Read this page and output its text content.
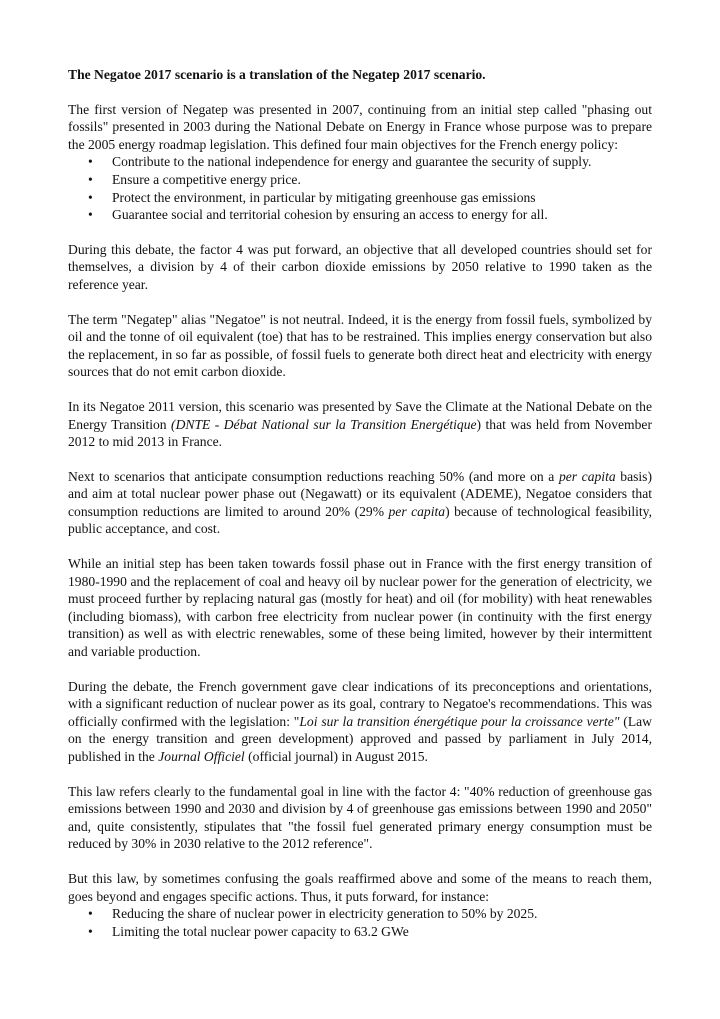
The Negatoe 2017 scenario is a translation of the Negatep 2017 scenario.

The first version of Negatep was presented in 2007, continuing from an initial step called "phasing out fossils" presented in 2003 during the National Debate on Energy in France whose purpose was to prepare the 2005 energy roadmap legislation. This defined four main objectives for the French energy policy:

• Contribute to the national independence for energy and guarantee the security of supply.
• Ensure a competitive energy price.
• Protect the environment, in particular by mitigating greenhouse gas emissions
• Guarantee social and territorial cohesion by ensuring an access to energy for all.

During this debate, the factor 4 was put forward, an objective that all developed countries should set for themselves, a division by 4 of their carbon dioxide emissions by 2050 relative to 1990 taken as the reference year.

The term "Negatep" alias "Negatoe" is not neutral. Indeed, it is the energy from fossil fuels, symbolized by oil and the tonne of oil equivalent (toe) that has to be restrained. This implies energy conservation but also the replacement, in so far as possible, of fossil fuels to generate both direct heat and electricity with energy sources that do not emit carbon dioxide.

In its Negatoe 2011 version, this scenario was presented by Save the Climate at the National Debate on the Energy Transition (DNTE - Débat National sur la Transition Energétique) that was held from November 2012 to mid 2013 in France.

Next to scenarios that anticipate consumption reductions reaching 50% (and more on a per capita basis) and aim at total nuclear power phase out (Negawatt) or its equivalent (ADEME), Negatoe considers that consumption reductions are limited to around 20% (29% per capita) because of technological feasibility, public acceptance, and cost.

While an initial step has been taken towards fossil phase out in France with the first energy transition of 1980-1990 and the replacement of coal and heavy oil by nuclear power for the generation of electricity, we must proceed further by replacing natural gas (mostly for heat) and oil (for mobility) with heat renewables (including biomass), with carbon free electricity from nuclear power (in continuity with the first energy transition) as well as with electric renewables, some of these being limited, however by their intermittent and variable production.

During the debate, the French government gave clear indications of its preconceptions and orientations, with a significant reduction of nuclear power as its goal, contrary to Negatoe's recommendations. This was officially confirmed with the legislation: "Loi sur la transition énergétique pour la croissance verte" (Law on the energy transition and green development) approved and passed by parliament in July 2014, published in the Journal Officiel (official journal) in August 2015.

This law refers clearly to the fundamental goal in line with the factor 4: "40% reduction of greenhouse gas emissions between 1990 and 2030 and division by 4 of greenhouse gas emissions between 1990 and 2050" and, quite consistently, stipulates that "the fossil fuel generated primary energy consumption must be reduced by 30% in 2030 relative to the 2012 reference".

But this law, by sometimes confusing the goals reaffirmed above and some of the means to reach them, goes beyond and engages specific actions. Thus, it puts forward, for instance:

• Reducing the share of nuclear power in electricity generation to 50% by 2025.
• Limiting the total nuclear power capacity to 63.2 GWe
